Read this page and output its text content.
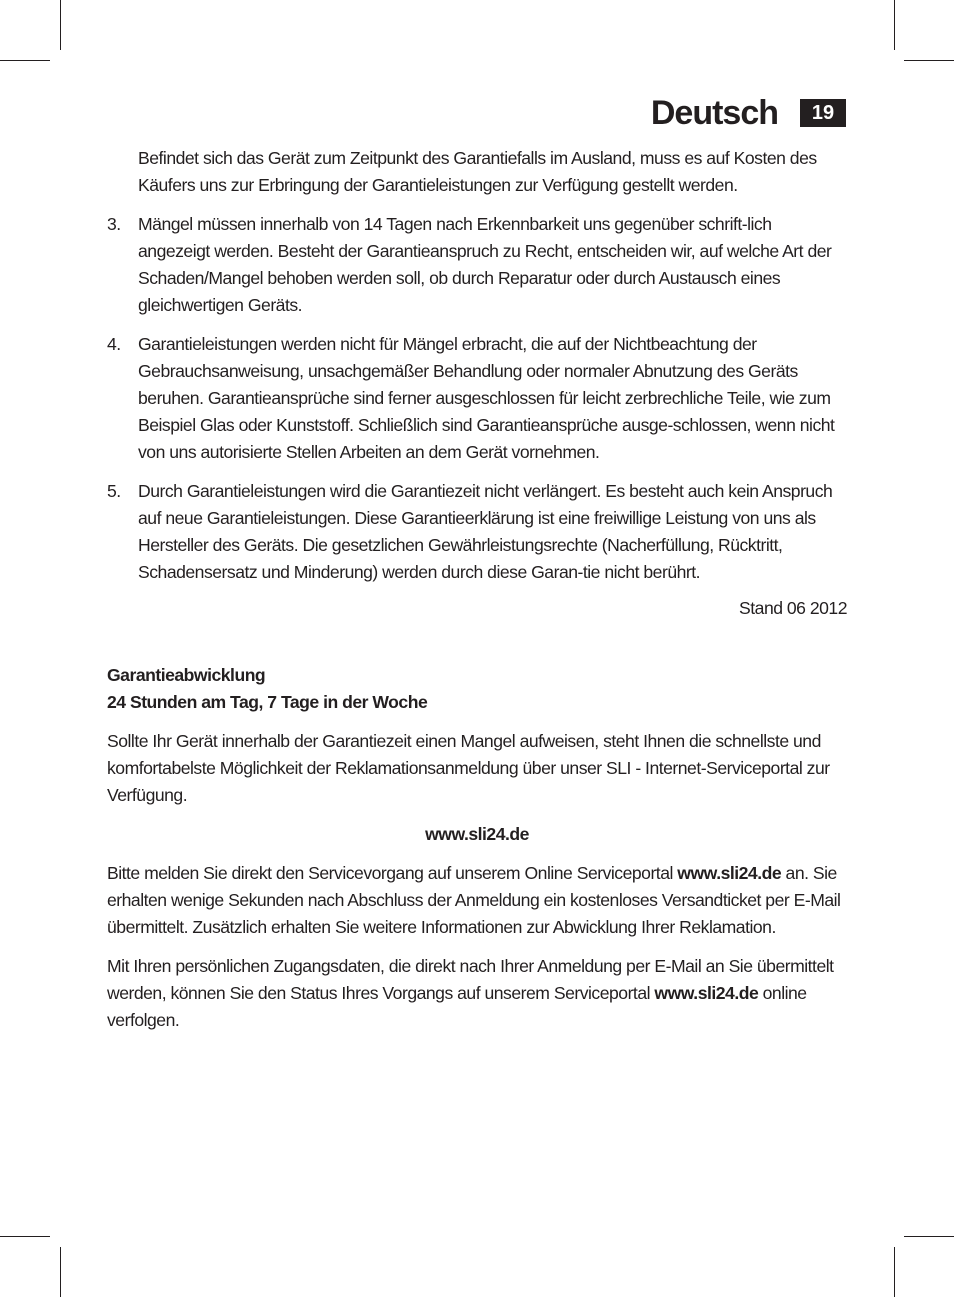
Deutsch	19

Befindet sich das Gerät zum Zeitpunkt des Garantiefalls im Ausland, muss es auf Kosten des Käufers uns zur Erbringung der Garantieleistungen zur Verfügung gestellt werden.

3. Mängel müssen innerhalb von 14 Tagen nach Erkennbarkeit uns gegenüber schrift-lich angezeigt werden. Besteht der Garantieanspruch zu Recht, entscheiden wir, auf welche Art der Schaden/Mangel behoben werden soll, ob durch Reparatur oder durch Austausch eines gleichwertigen Geräts.
4. Garantieleistungen werden nicht für Mängel erbracht, die auf der Nichtbeachtung der Gebrauchsanweisung, unsachgemäßer Behandlung oder normaler Abnutzung des Geräts beruhen. Garantieansprüche sind ferner ausgeschlossen für leicht zerbrechliche Teile, wie zum Beispiel Glas oder Kunststoff. Schließlich sind Garantieansprüche ausge-schlossen, wenn nicht von uns autorisierte Stellen Arbeiten an dem Gerät vornehmen.
5. Durch Garantieleistungen wird die Garantiezeit nicht verlängert. Es besteht auch kein Anspruch auf neue Garantieleistungen. Diese Garantieerklärung ist eine freiwillige Leistung von uns als Hersteller des Geräts. Die gesetzlichen Gewährleistungsrechte (Nacherfüllung, Rücktritt, Schadensersatz und Minderung) werden durch diese Garan-tie nicht berührt.

Stand 06 2012

Garantieabwicklung
24 Stunden am Tag, 7 Tage in der Woche

Sollte Ihr Gerät innerhalb der Garantiezeit einen Mangel aufweisen, steht Ihnen die schnellste und komfortabelste Möglichkeit der Reklamationsanmeldung über unser SLI - Internet-Serviceportal zur Verfügung.

www.sli24.de

Bitte melden Sie direkt den Servicevorgang auf unserem Online Serviceportal www.sli24.de an. Sie erhalten wenige Sekunden nach Abschluss der Anmeldung ein kostenloses Versandticket per E-Mail übermittelt. Zusätzlich erhalten Sie weitere Informationen zur Abwicklung Ihrer Reklamation.

Mit Ihren persönlichen Zugangsdaten, die direkt nach Ihrer Anmeldung per E-Mail an Sie übermittelt werden, können Sie den Status Ihres Vorgangs auf unserem Serviceportal www.sli24.de online verfolgen.
